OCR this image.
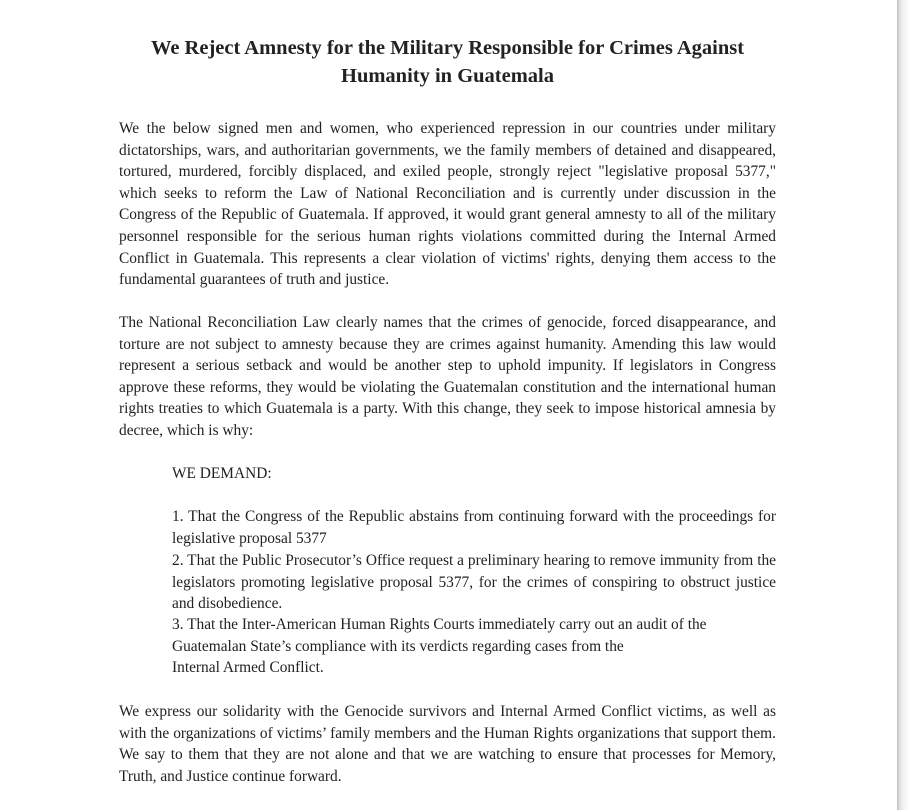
We Reject Amnesty for the Military Responsible for Crimes Against Humanity in Guatemala

We the below signed men and women, who experienced repression in our countries under military dictatorships, wars, and authoritarian governments, we the family members of detained and disappeared, tortured, murdered, forcibly displaced, and exiled people, strongly reject "legislative proposal 5377," which seeks to reform the Law of National Reconciliation and is currently under discussion in the Congress of the Republic of Guatemala. If approved, it would grant general amnesty to all of the military personnel responsible for the serious human rights violations committed during the Internal Armed Conflict in Guatemala. This represents a clear violation of victims' rights, denying them access to the fundamental guarantees of truth and justice.

The National Reconciliation Law clearly names that the crimes of genocide, forced disappearance, and torture are not subject to amnesty because they are crimes against humanity. Amending this law would represent a serious setback and would be another step to uphold impunity. If legislators in Congress approve these reforms, they would be violating the Guatemalan constitution and the international human rights treaties to which Guatemala is a party. With this change, they seek to impose historical amnesia by decree, which is why:

WE DEMAND:

1. That the Congress of the Republic abstains from continuing forward with the proceedings for legislative proposal 5377

2. That the Public Prosecutor’s Office request a preliminary hearing to remove immunity from the legislators promoting legislative proposal 5377, for the crimes of conspiring to obstruct justice and disobedience.

3. That the Inter-American Human Rights Courts immediately carry out an audit of the Guatemalan State’s compliance with its verdicts regarding cases from the
Internal Armed Conflict.

We express our solidarity with the Genocide survivors and Internal Armed Conflict victims, as well as with the organizations of victims’ family members and the Human Rights organizations that support them. We say to them that they are not alone and that we are watching to ensure that processes for Memory, Truth, and Justice continue forward.
